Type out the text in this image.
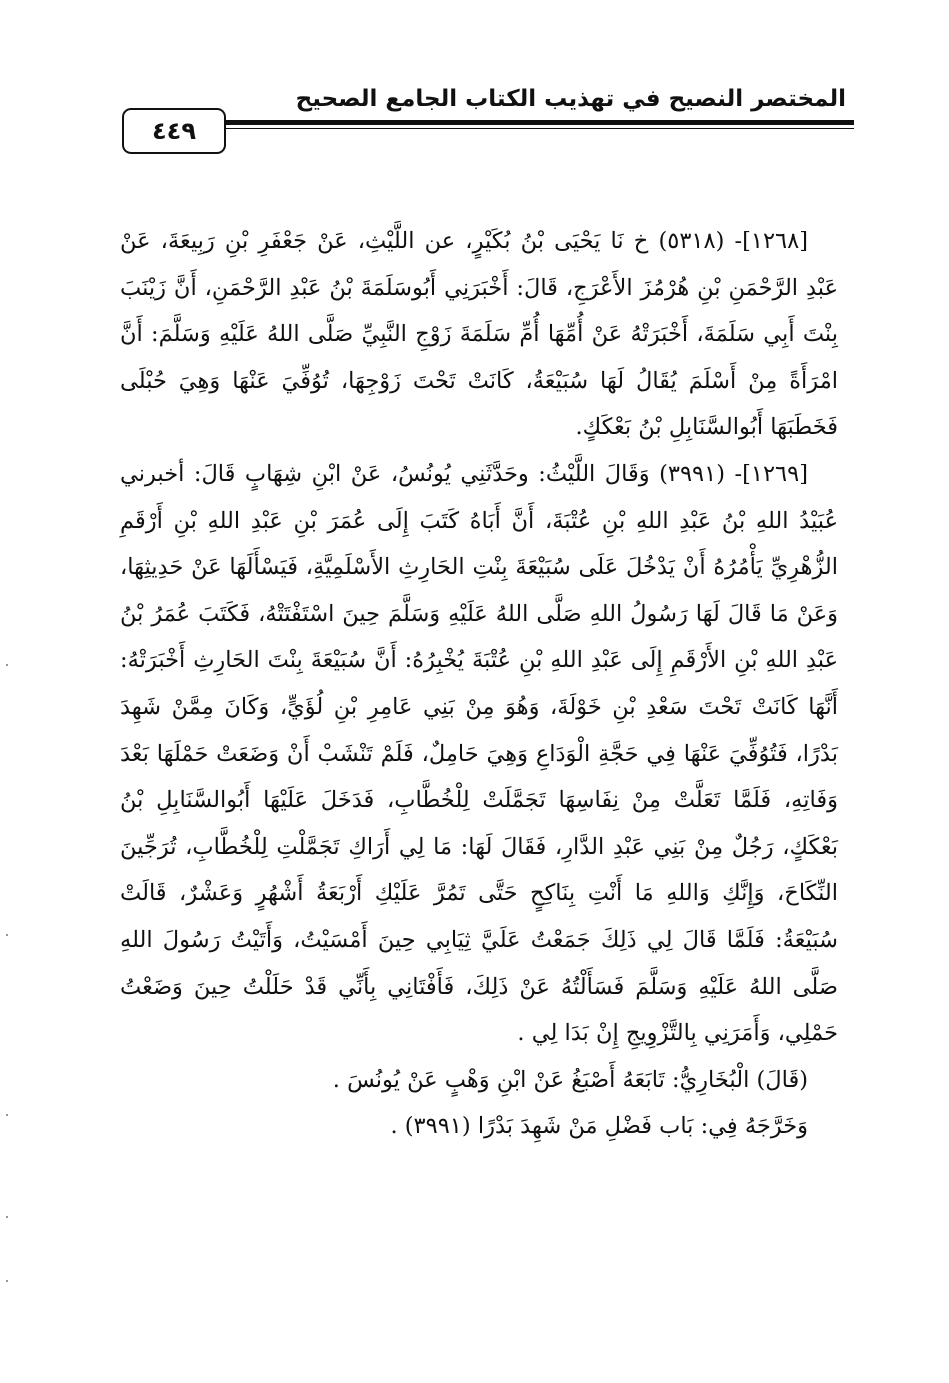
المختصر النصيح في تهذيب الكتاب الجامع الصحيح
٤٤٩

[١٢٦٨]- (٥٣١٨) خ نَا يَحْيَى بْنُ بُكَيْرٍ، عن اللَّيْثِ، عَنْ جَعْفَرِ بْنِ رَبِيعَةَ، عَنْ عَبْدِ الرَّحْمَنِ بْنِ هُرْمُزَ الأَعْرَجِ، قَالَ: أَخْبَرَنِي أَبُوسَلَمَةَ بْنُ عَبْدِ الرَّحْمَنِ، أَنَّ زَيْنَبَ بِنْتَ أَبِي سَلَمَةَ، أَخْبَرَتْهُ عَنْ أُمِّهَا أُمِّ سَلَمَةَ زَوْجِ النَّبِيِّ صَلَّى اللهُ عَلَيْهِ وَسَلَّمَ: أَنَّ امْرَأَةً مِنْ أَسْلَمَ يُقَالُ لَهَا سُبَيْعَةُ، كَانَتْ تَحْتَ زَوْجِهَا، تُوُفِّيَ عَنْهَا وَهِيَ حُبْلَى فَخَطَبَهَا أَبُوالسَّنَابِلِ بْنُ بَعْكَكٍ.

[١٢٦٩]- (٣٩٩١) وَقَالَ اللَّيْثُ: وحَدَّثَنِي يُونُسُ، عَنْ ابْنِ شِهَابٍ قَالَ: أخبرني عُبَيْدُ اللهِ بْنُ عَبْدِ اللهِ بْنِ عُتْبَةَ، أَنَّ أَبَاهُ كَتَبَ إِلَى عُمَرَ بْنِ عَبْدِ اللهِ بْنِ أَرْقَمِ الزُّهْرِيِّ يَأْمُرُهُ أَنْ يَدْخُلَ عَلَى سُبَيْعَةَ بِنْتِ الحَارِثِ الأَسْلَمِيَّةِ، فَيَسْأَلَهَا عَنْ حَدِيثِهَا، وَعَنْ مَا قَالَ لَهَا رَسُولُ اللهِ صَلَّى اللهُ عَلَيْهِ وَسَلَّمَ حِينَ اسْتَفْتَتْهُ، فَكَتَبَ عُمَرُ بْنُ عَبْدِ اللهِ بْنِ الأَرْقَمِ إِلَى عَبْدِ اللهِ بْنِ عُتْبَةَ يُخْبِرُهُ: أَنَّ سُبَيْعَةَ بِنْتَ الحَارِثِ أَخْبَرَتْهُ: أَنَّهَا كَانَتْ تَحْتَ سَعْدِ بْنِ خَوْلَةَ، وَهُوَ مِنْ بَنِي عَامِرِ بْنِ لُؤَيٍّ، وَكَانَ مِمَّنْ شَهِدَ بَدْرًا، فَتُوُفِّيَ عَنْهَا فِي حَجَّةِ الْوَدَاعِ وَهِيَ حَامِلٌ، فَلَمْ تَنْشَبْ أَنْ وَضَعَتْ حَمْلَهَا بَعْدَ وَفَاتِهِ، فَلَمَّا تَعَلَّتْ مِنْ نِفَاسِهَا تَجَمَّلَتْ لِلْخُطَّابِ، فَدَخَلَ عَلَيْهَا أَبُوالسَّنَابِلِ بْنُ بَعْكَكٍ، رَجُلٌ مِنْ بَنِي عَبْدِ الدَّارِ، فَقَالَ لَهَا: مَا لِي أَرَاكِ تَجَمَّلْتِ لِلْخُطَّابِ، تُرَجِّينَ النِّكَاحَ، وَإِنَّكِ وَاللهِ مَا أَنْتِ بِنَاكِحٍ حَتَّى تَمُرَّ عَلَيْكِ أَرْبَعَةُ أَشْهُرٍ وَعَشْرٌ، قَالَتْ سُبَيْعَةُ: فَلَمَّا قَالَ لِي ذَلِكَ جَمَعْتُ عَلَيَّ ثِيَابِي حِينَ أَمْسَيْتُ، وَأَتَيْتُ رَسُولَ اللهِ صَلَّى اللهُ عَلَيْهِ وَسَلَّمَ فَسَأَلْتُهُ عَنْ ذَلِكَ، فَأَفْتَانِي بِأَنِّي قَدْ حَلَلْتُ حِينَ وَضَعْتُ حَمْلِي، وَأَمَرَنِي بِالتَّزْوِيجِ إِنْ بَدَا لِي .

(قَالَ) الْبُخَارِيُّ: تَابَعَهُ أَصْبَغُ عَنْ ابْنِ وَهْبٍ عَنْ يُونُسَ .

وَخَرَّجَهُ فِي: بَاب فَضْلِ مَنْ شَهِدَ بَدْرًا (٣٩٩١) .
